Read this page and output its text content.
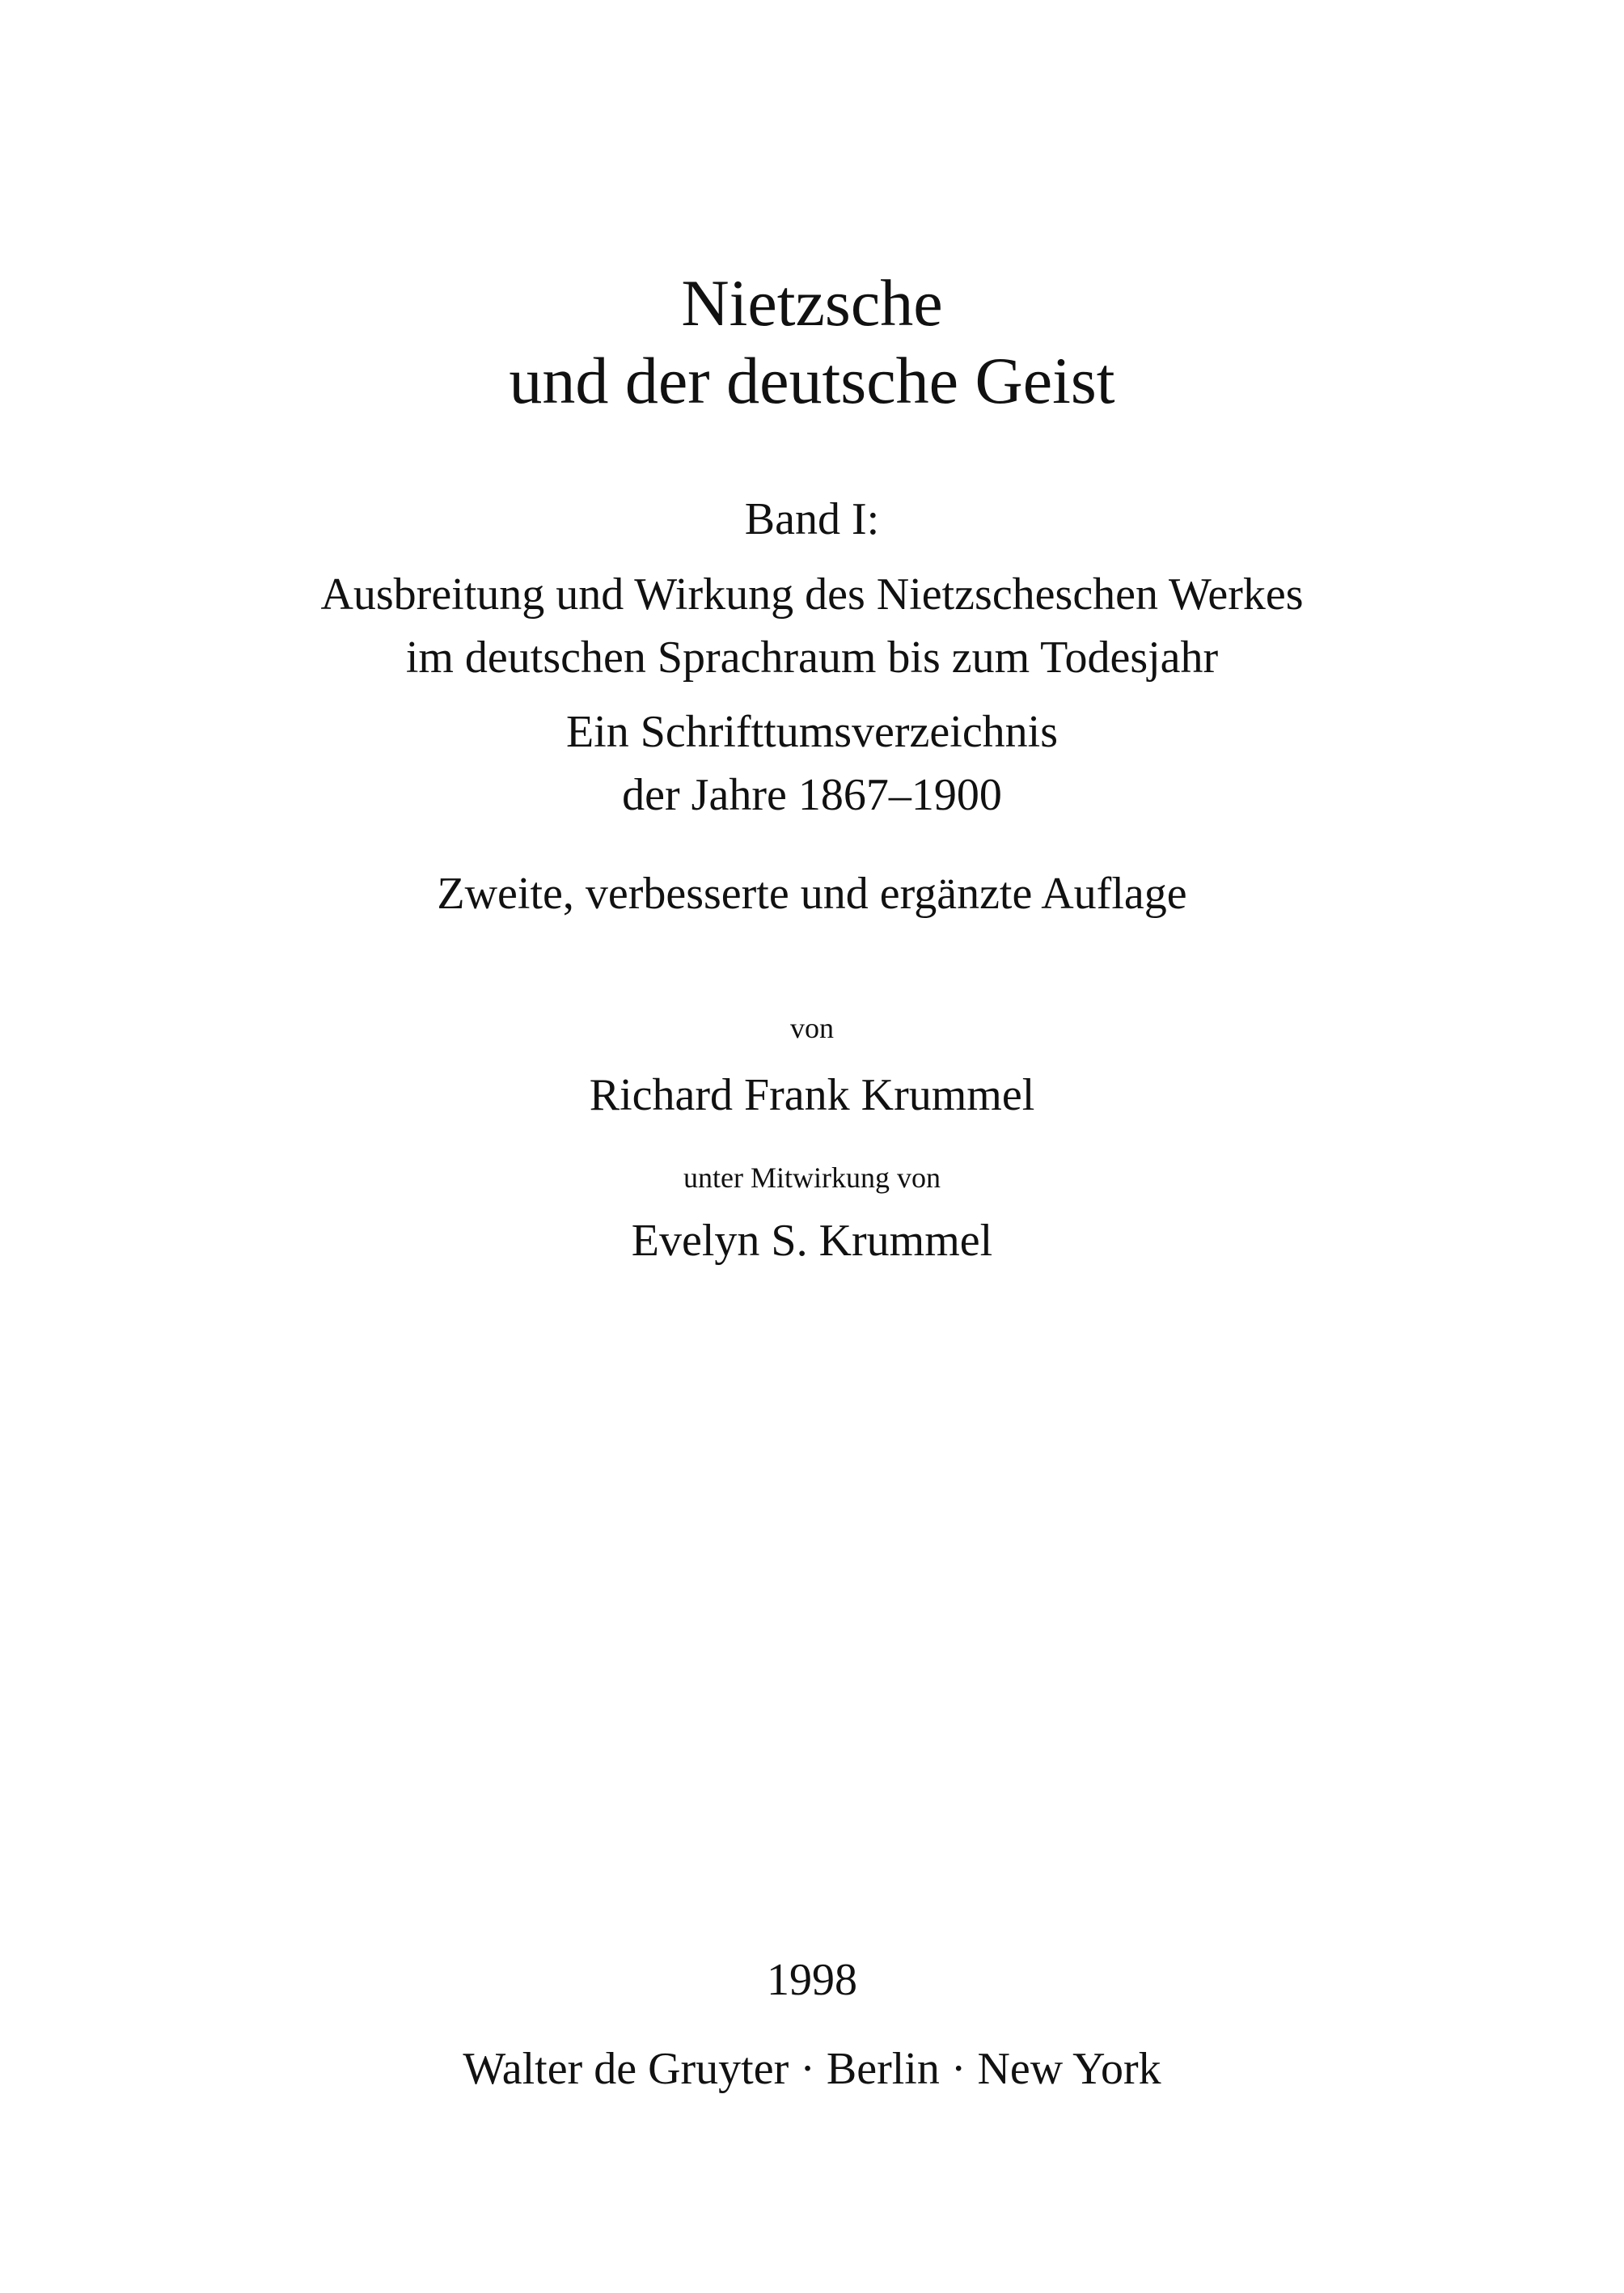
Nietzsche
und der deutsche Geist
Band I:
Ausbreitung und Wirkung des Nietzscheschen Werkes
im deutschen Sprachraum bis zum Todesjahr
Ein Schrifttumsverzeichnis
der Jahre 1867–1900
Zweite, verbesserte und ergänzte Auflage
von
Richard Frank Krummel
unter Mitwirkung von
Evelyn S. Krummel
1998
Walter de Gruyter · Berlin · New York
